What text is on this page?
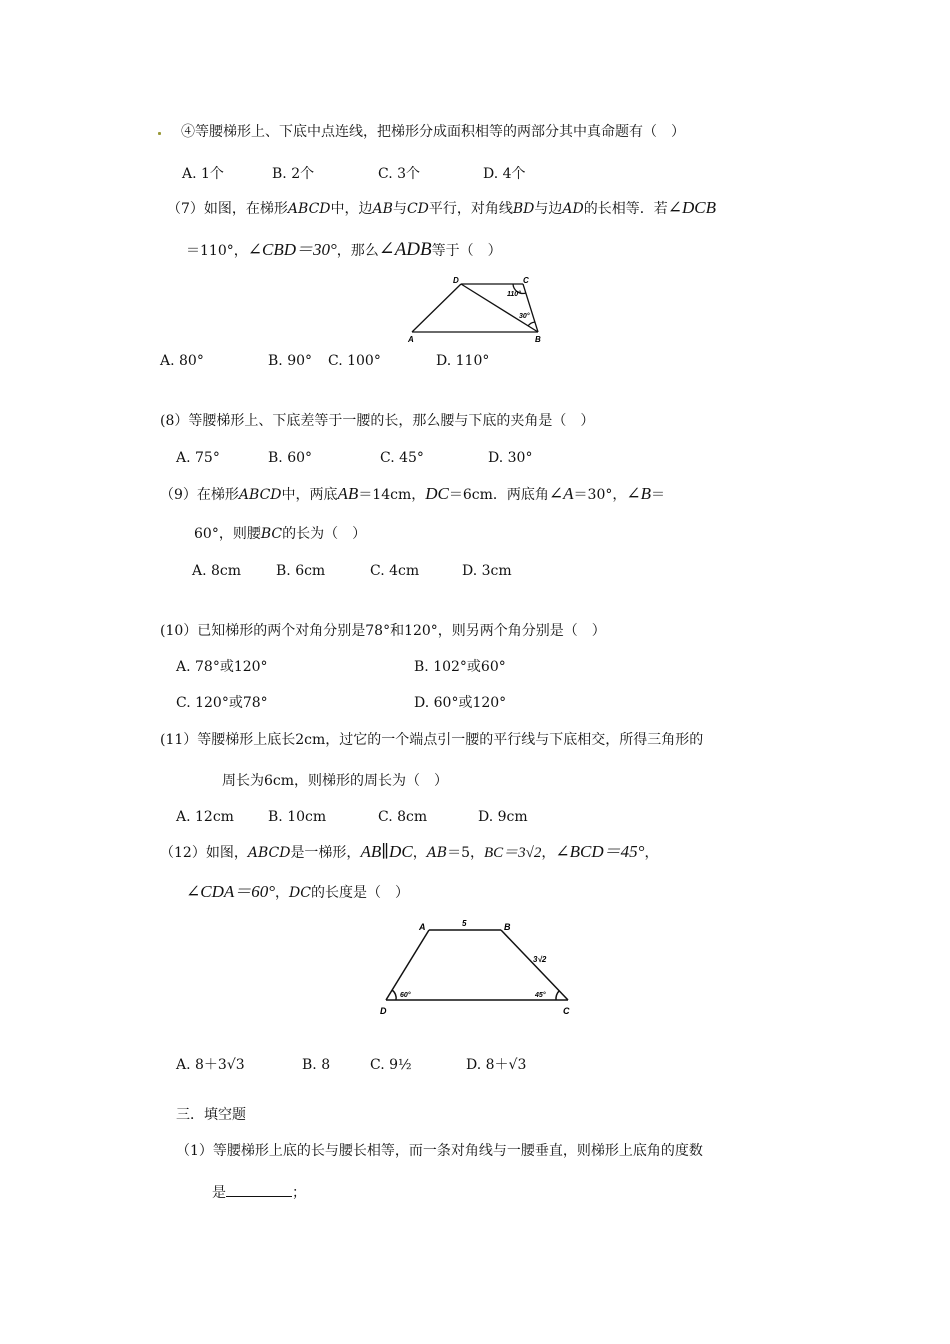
④等腰梯形上、下底中点连线，把梯形分成面积相等的两部分其中真命题有（　）
A. 1个	B. 2个	C. 3个	D. 4个
（7）如图，在梯形ABCD中，边AB与CD平行，对角线BD与边AD的长相等．若∠DCB
＝110°，∠CBD＝30°，那么∠ADB等于（　）
D	C
A	B
110°
30°
A. 80°	B. 90° C. 100°	D. 110°
(8）等腰梯形上、下底差等于一腰的长，那么腰与下底的夹角是（　）
A. 75°	B. 60°	C. 45°	D. 30°
（9）在梯形ABCD中，两底AB＝14cm，DC＝6cm．两底角∠A＝30°，∠B＝
60°，则腰BC的长为（　）
A. 8cm B. 6cm	C. 4cm	D. 3cm
(10）已知梯形的两个对角分别是78°和120°，则另两个角分别是（　）
A. 78°或120°	B. 102°或60°
C. 120°或78°	D. 60°或120°
(11）等腰梯形上底长2cm，过它的一个端点引一腰的平行线与下底相交，所得三角形的
周长为6cm，则梯形的周长为（　）
A. 12cm B. 10cm	C. 8cm	D. 9cm
（12）如图，ABCD是一梯形，AB∥DC，AB＝5，BC＝3√2，∠BCD＝45°，
∠CDA＝60°，DC的长度是（　）
A	B
D	C
5
3√2
60°	45°
A. 8＋3√3	B. 8	C. 9½	D. 8＋√3
三．填空题
（1）等腰梯形上底的长与腰长相等，而一条对角线与一腰垂直，则梯形上底角的度数
是	；
